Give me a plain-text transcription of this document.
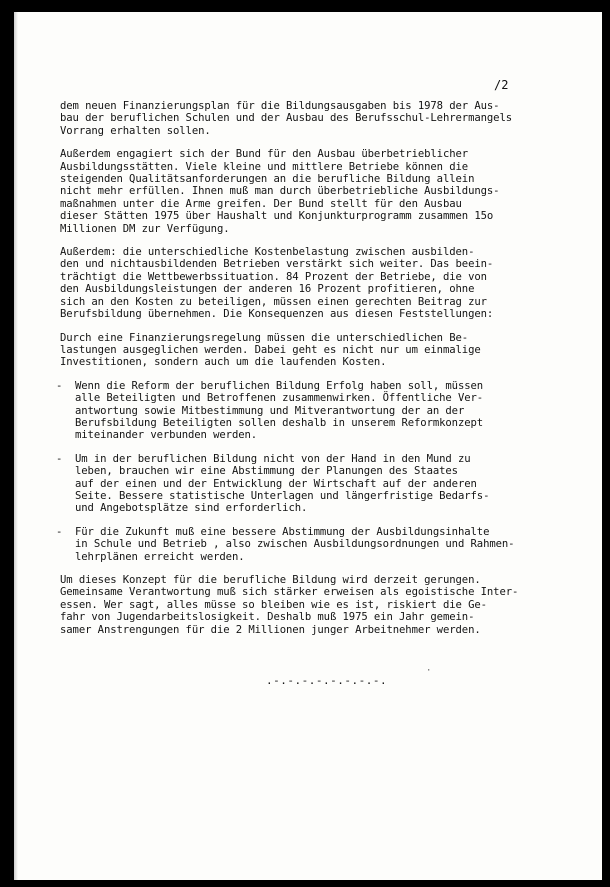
/2
dem neuen Finanzierungsplan für die Bildungsausgaben bis 1978 der Aus-
bau der beruflichen Schulen und der Ausbau des Berufsschul-Lehrermangels
Vorrang erhalten sollen.
Außerdem engagiert sich der Bund für den Ausbau überbetrieblicher
Ausbildungsstätten. Viele kleine und mittlere Betriebe können die
steigenden Qualitätsanforderungen an die berufliche Bildung allein
nicht mehr erfüllen. Ihnen muß man durch überbetriebliche Ausbildungs-
maßnahmen unter die Arme greifen. Der Bund stellt für den Ausbau
dieser Stätten 1975 über Haushalt und Konjunkturprogramm zusammen 15o
Millionen DM zur Verfügung.
Außerdem: die unterschiedliche Kostenbelastung zwischen ausbilden-
den und nichtausbildenden Betrieben verstärkt sich weiter. Das beein-
trächtigt die Wettbewerbssituation. 84 Prozent der Betriebe, die von
den Ausbildungsleistungen der anderen 16 Prozent profitieren, ohne
sich an den Kosten zu beteiligen, müssen einen gerechten Beitrag zur
Berufsbildung übernehmen. Die Konsequenzen aus diesen Feststellungen:
Durch eine Finanzierungsregelung müssen die unterschiedlichen Be-
lastungen ausgeglichen werden. Dabei geht es nicht nur um einmalige
Investitionen, sondern auch um die laufenden Kosten.
- Wenn die Reform der beruflichen Bildung Erfolg haben soll, müssen
alle Beteiligten und Betroffenen zusammenwirken. Öffentliche Ver-
antwortung sowie Mitbestimmung und Mitverantwortung der an der
Berufsbildung Beteiligten sollen deshalb in unserem Reformkonzept
miteinander verbunden werden.
- Um in der beruflichen Bildung nicht von der Hand in den Mund zu
leben, brauchen wir eine Abstimmung der Planungen des Staates
auf der einen und der Entwicklung der Wirtschaft auf der anderen
Seite. Bessere statistische Unterlagen und längerfristige Bedarfs-
und Angebotsplätze sind erforderlich.
- Für die Zukunft muß eine bessere Abstimmung der Ausbildungsinhalte
in Schule und Betrieb , also zwischen Ausbildungsordnungen und Rahmen-
lehrplänen erreicht werden.
Um dieses Konzept für die berufliche Bildung wird derzeit gerungen.
Gemeinsame Verantwortung muß sich stärker erweisen als egoistische Inter-
essen. Wer sagt, alles müsse so bleiben wie es ist, riskiert die Ge-
fahr von Jugendarbeitslosigkeit. Deshalb muß 1975 ein Jahr gemein-
samer Anstrengungen für die 2 Millionen junger Arbeitnehmer werden.
·
.-.-.-.-.-.-.-.-.
